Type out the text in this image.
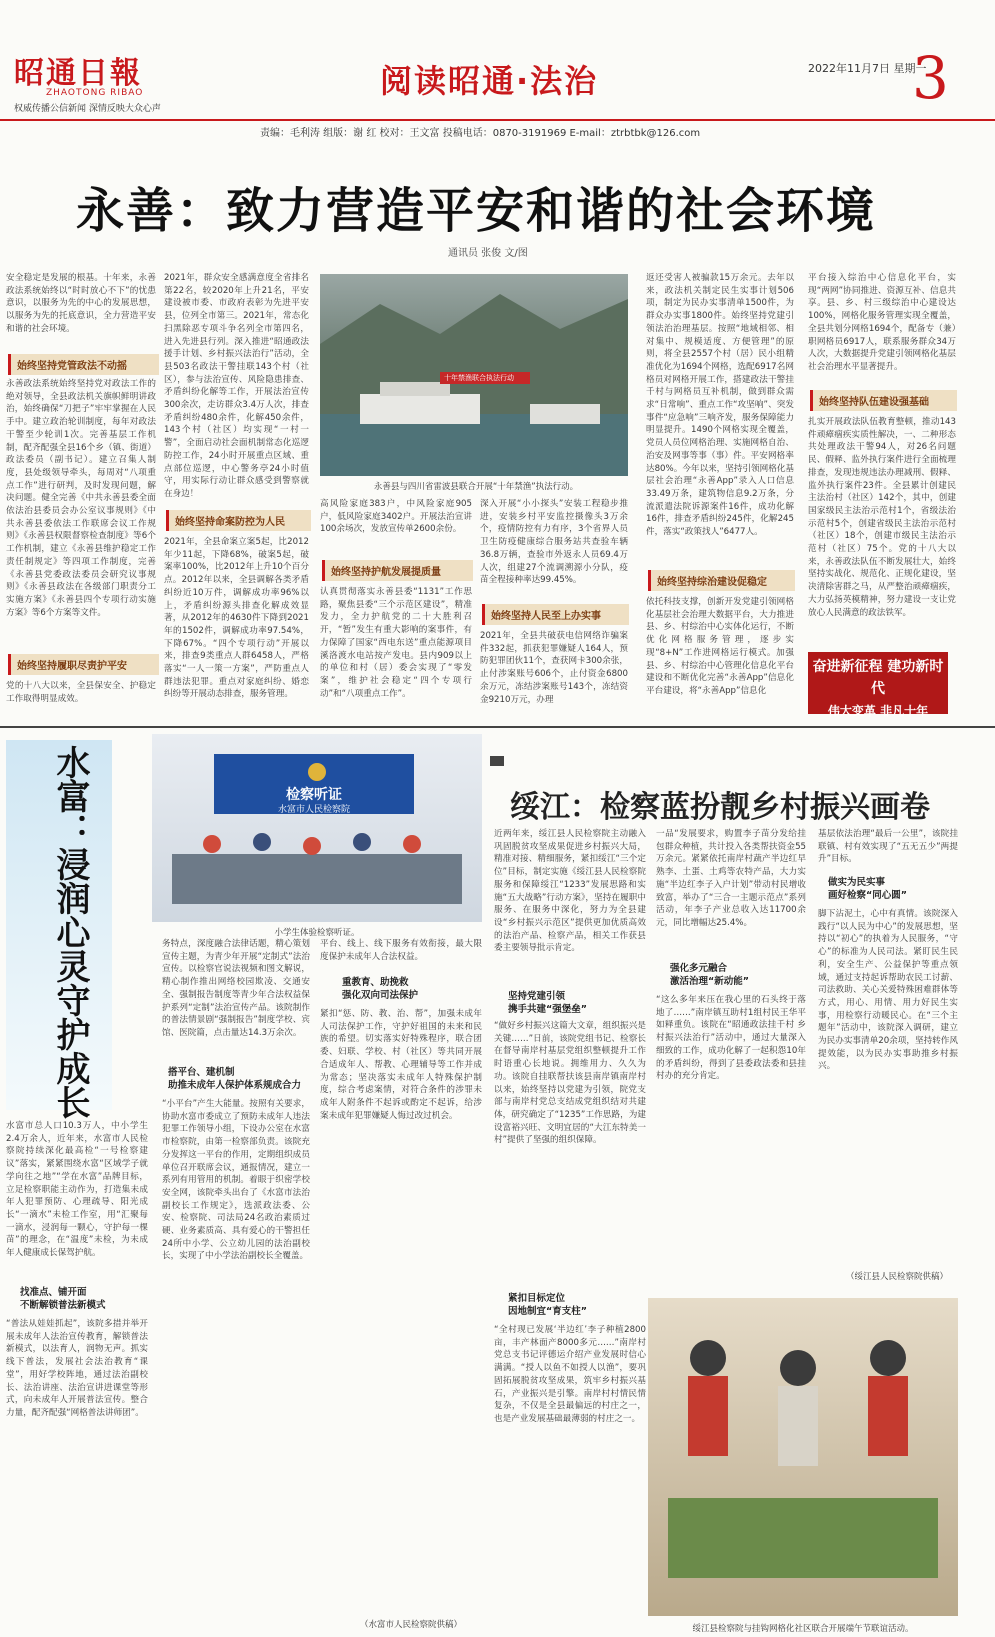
昭通日報
ZHAOTONG RIBAO
权威传播公信新闻 深情反映大众心声
阅读昭通·法治	2022年11月7日 星期一
3
责编：毛利涛 组版：谢 红 校对：王文富 投稿电话：0870-3191969 E-mail：ztrbtbk@126.com
永善：致力营造平安和谐的社会环境
通讯员 张俊 文/图
安全稳定是发展的根基。十年来，永善政法系统始终以“时时放心不下”的忧患意识，以服务为先的中心的发展思想，以服务为先的托底意识，全力营造平安和谐的社会环境。
始终坚持党管政法不动摇
永善政法系统始终坚持党对政法工作的绝对领导，全县政法机关旗帜鲜明讲政治，始终确保“刀把子”牢牢掌握在人民手中。建立政治轮训制度，每年对政法干警至少轮训1次。完善基层工作机制，配齐配强全县16个乡（镇、街道）政法委员（副书记）。建立召集人制度，县处级领导牵头，每周对“八项重点工作”进行研判，及时发现问题，解决问题。健全完善《中共永善县委全面依法治县委员会办公室议事规则》《中共永善县委依法工作联席会议工作规则》《永善县权限督察检查制度》等6个工作机制，建立《永善县维护稳定工作责任制规定》等四项工作制度，完善《永善县党委政法委员会研究议事规则》《永善县政法在各级部门职责分工实施方案》《永善县四个专项行动实施方案》等6个方案等文件。
始终坚持履职尽责护平安
党的十八大以来，全县保安全、护稳定工作取得明显成效。
2021年，群众安全感满意度全省排名第22名，较2020年上升21名，平安建设被市委、市政府表彰为先进平安县，位列全市第三。2021年，常态化扫黑除恶专项斗争名列全市第四名，进入先进县行列。深入推进“昭通政法援手计划、乡村振兴法治行”活动，全县503名政法干警挂联143个村（社区），参与法治宣传、风险隐患排查、矛盾纠纷化解等工作，开展法治宣传300余次，走访群众3.4万人次，排查矛盾纠纷480余件，化解450余件，143个村（社区）均实现“一村一警”，全面启动社会面机制常态化巡逻防控工作，24小时开展重点区域、重点部位巡逻，中心警务亭24小时值守，用实际行动让群众感受到警察就在身边！
始终坚持命案防控为人民
2021年，全县命案立案5起，比2012年少11起，下降68%，破案5起，破案率100%，比2012年上升10个百分点。2012年以来，全县调解各类矛盾纠纷近10万件，调解成功率96%以上，矛盾纠纷源头排查化解成效显著，从2012年的4630件下降到2021年的1502件，调解成功率97.54%，下降67%。“四个专项行动”开展以来，排查9类重点人群6458人，严格落实“一人一策一方案”，严防重点人群违法犯罪。重点对家庭纠纷、婚恋纠纷等开展动态排查，服务管理。
十年禁渔联合执法行动
永善县与四川省雷波县联合开展“十年禁渔”执法行动。
高风险家庭383户，中风险家庭905户，低风险家庭3402户。开展法治宣讲100余场次，发放宣传单2600余份。
始终坚持护航发展提质量
认真贯彻落实永善县委“1131”工作思路，聚焦县委“三个示范区建设”，精准发力，全力护航党的二十大胜利召开，“暂”发生有重大影响的案事件，有力保障了国家“西电东送”重点能源项目溪洛渡水电站按产发电。县内909以上的单位和村（居）委会实现了“零发案”，维护社会稳定“四个专项行动”和“八项重点工作”。
深入开展“小小探头”安装工程稳步推进，安装乡村平安监控摄像头3万余个，疫情防控有力有序，3个省界人员卫生防疫健康综合服务站共查验车辆36.8万辆，查验市外返永人员69.4万人次，组建27个流调溯源小分队，疫苗全程接种率达99.45%。
始终坚持人民至上办实事
2021年，全县共破获电信网络诈骗案件332起，抓获犯罪嫌疑人164人，预防犯罪团伙11个，查获网卡300余张，止付涉案账号606个，止付资金6800余万元，冻结涉案账号143个，冻结资金9210万元，办理
返还受害人被骗款15万余元。去年以来，政法机关制定民生实事计划506项，制定为民办实事清单1500件，为群众办实事1800件。始终坚持党建引领法治治理基层。按照“地域相邻、相对集中、规模适度、方便管理”的原则，将全县2557个村（居）民小组精准优化为1694个网格，选配6917名网格员对网格开展工作，搭建政法干警挂千村与网格员互补机制，做到群众需求“日常响”、重点工作“攻坚响”、突发事件“应急响”三响齐发，服务保障能力明显提升。1490个网格实现全覆盖，党员人员位网格治理、实施网格自治、治安及网事等事（事）件。平安网格率达80%。今年以来，坚持引领网格化基层社会治理“永善App”录入人口信息33.49万条，建筑物信息9.2万条，分流派遣法院诉源案件16件，成功化解16件，排查矛盾纠纷245件，化解245件，落实“政策找人”6477人。
始终坚持综治建设促稳定
依托科技支撑，创新开发党建引领网格化基层社会治理大数据平台，大力推进县、乡、村综治中心实体化运行，不断优化网格服务管理，逐步实现“8+N”工作进网格运行模式。加强县、乡、村综治中心管理化信息化平台建设和不断优化完善“永善App”信息化平台建设，将“永善App”信息化
平台接入综治中心信息化平台，实现“两网”协同推进、资源互补、信息共享。县、乡、村三级综治中心建设达100%，网格化服务管理实现全覆盖，全县共划分网格1694个，配备专（兼）职网格员6917人，联系服务群众34万人次，大数据提升党建引领网格化基层社会治理水平显著提升。
始终坚持队伍建设强基础
扎实开展政法队伍教育整顿，推动143件顽瘴痼疾实质性解决，一、二种形态共处理政法干警94人，对26名问题民、假释、监外执行案件进行全面梳理排查，发现违规违法办理减刑、假释、监外执行案件23件。全县累计创建民主法治村（社区）142个，其中，创建国家级民主法治示范村1个，省级法治示范村5个，创建省级民主法治示范村（社区）18个，创建市级民主法治示范村（社区）75个。党的十八大以来，永善政法队伍不断发展壮大，始终坚持实战化、规范化、正规化建设，坚决清除害群之马，从严整治顽瘴痼疾，大力弘扬英模精神，努力建设一支让党放心人民满意的政法铁军。
奋进新征程 建功新时代
伟大变革 非凡十年
水富：浸润心灵守护成长	检察听证
水富市人民检察院
小学生体验检察听证。
水富市总人口10.3万人，中小学生2.4万余人，近年来，水富市人民检察院持续深化最高检“一号检察建议”落实，紧紧围绕水富“区域学子就学向往之地”“学在水富”品牌目标，立足检察职能主动作为，打造集未成年人犯罪预防、心理疏导、阳光成长“一滴水”未检工作室，用“汇聚每一滴水，浸润每一颗心，守护每一棵苗”的理念，在“温度”未检，为未成年人健康成长保驾护航。
找准点、铺开面
不断解锁普法新模式
“普法从娃娃抓起”，该院多措并举开展未成年人法治宣传教育，解锁普法新模式，以法育人，润物无声。抓实线下普法，发展社会法治教育“课堂”，用好学校阵地，通过法治副校长、法治讲座、法治宣讲进课堂等形式，向未成年人开展普法宣传。整合力量，配齐配强“网格普法讲师团”。
务特点，深度融合法律话题，精心策划宣传主题，为青少年开展“定制式”法治宣传。以检察官说法视频和图文解说，精心制作推出网络校园欺凌、交通安全、强制报告制度等青少年合法权益保护系列“定制”法治宣传产品。该院制作的普法情景剧“强制报告”制度学校、宾馆、医院篇，点击量达14.3万余次。
搭平台、建机制
助推未成年人保护体系规成合力
“小平台”产生大能量。按照有关要求，协助水富市委成立了预防未成年人违法犯罪工作领导小组，下设办公室在水富市检察院，由第一检察部负责。该院充分发挥这一平台的作用，定期组织成员单位召开联席会议，通报情况，建立一系列有用管用的机制。着眼于织密学校安全网，该院牵头出台了《水富市法治副校长工作规定》，选派政法委、公安、检察院、司法局24名政治素质过硬、业务素质高、具有爱心的干警担任24所中小学、公立幼儿园的法治副校长，实现了中小学法治副校长全覆盖。
平台、线上、线下服务有效衔接，最大限度保护未成年人合法权益。
重教育、助挽救
强化双向司法保护
紧扣“惩、防、教、治、帮”，加强未成年人司法保护工作，守护好祖国的未来和民族的希望。切实落实好特殊程序，联合团委、妇联、学校、村（社区）等共同开展合适成年人、帮教、心理辅导等工作并成为常态；坚决落实未成年人特殊保护制度，综合考虑案情，对符合条件的涉罪未成年人附条件不起诉或酌定不起诉，给涉案未成年犯罪嫌疑人悔过改过机会。
（水富市人民检察院供稿）
绥江：检察蓝扮靓乡村振兴画卷
近两年来，绥江县人民检察院主动融入巩固脱贫攻坚成果促进乡村振兴大局，精准对接、精细服务，紧扣绥江“三个定位”目标，制定实施《绥江县人民检察院服务和保障绥江“1233”发展思路和实施“五大战略”行动方案》，坚持在履职中服务、在服务中深化，努力为全县建设“乡村振兴示范区”提供更加优质高效的法治产品、检察产品，相关工作获县委主要领导批示肯定。
坚持党建引领
携手共建“强堡垒”
“做好乡村振兴这篇大文章，组织振兴是关键……”日前，该院党组书记、检察长在督导南岸村基层党组织整顿提升工作时语重心长地说。拥维用力、久久为功。该院自挂联帮扶该县南岸镇南岸村以来，始终坚持以党建为引领，院党支部与南岸村党总支结成党组织结对共建体，研究确定了“1235”工作思路，为建设富裕兴旺、文明宜居的“大江东特美一村”提供了坚强的组织保障。
一品“发展要求，购置李子苗分发给挂包群众种植，共计投入各类帮扶资金55万余元。紧紧依托南岸村蔬产半边红早熟李、土蛋、土鸡等农特产品，大力实施“半边红李子入户计划”带动村民增收致富，举办了“三合一主题示范点”系列活动，年李子产业总收入达11700余元，同比增幅达25.4%。
强化多元融合
激活治理“新动能”
“这么多年来压在我心里的石头终于落地了……”南岸镇互助村1组村民王华平如释重负。该院在“昭通政法挂千村 乡村振兴法治行”活动中，通过大量深入细致的工作，成功化解了一起积怨10年的矛盾纠纷，得到了县委政法委和县挂村办的充分肯定。
紧扣目标定位
因地制宜“育支柱”
“全村现已发展‘半边红’李子种植2800亩，丰产林面产8000多元……”南岸村党总支书记评德运介绍产业发展时信心满满。“授人以鱼不如授人以渔”，要巩固拓展脱贫攻坚成果，筑牢乡村振兴基石，产业振兴是引擎。南岸村村情民情复杂，不仅是全县最偏远的村庄之一，也是产业发展基础最薄弱的村庄之一。
基层依法治理“最后一公里”，该院挂联镇、村有效实现了“五无五少”两提升”目标。
做实为民实事
画好检察“同心圆”
脚下沾泥土，心中有真情。该院深入践行“以人民为中心”的发展思想，坚持以“初心”的执着为人民服务，“守心”的标准为人民司法。紧盯民生民利，安全生产、公益保护等重点领域，通过支持起诉帮助农民工讨薪、司法救助、关心关爱特殊困难群体等方式，用心、用情、用力好民生实事，用检察行动暖民心。在“三个主题年”活动中，该院深入调研，建立为民办实事清单20余项，坚持转作风提效能，以为民办实事助推乡村振兴。
（绥江县人民检察院供稿）
绥江县检察院与挂钩网格化社区联合开展端午节联谊活动。
